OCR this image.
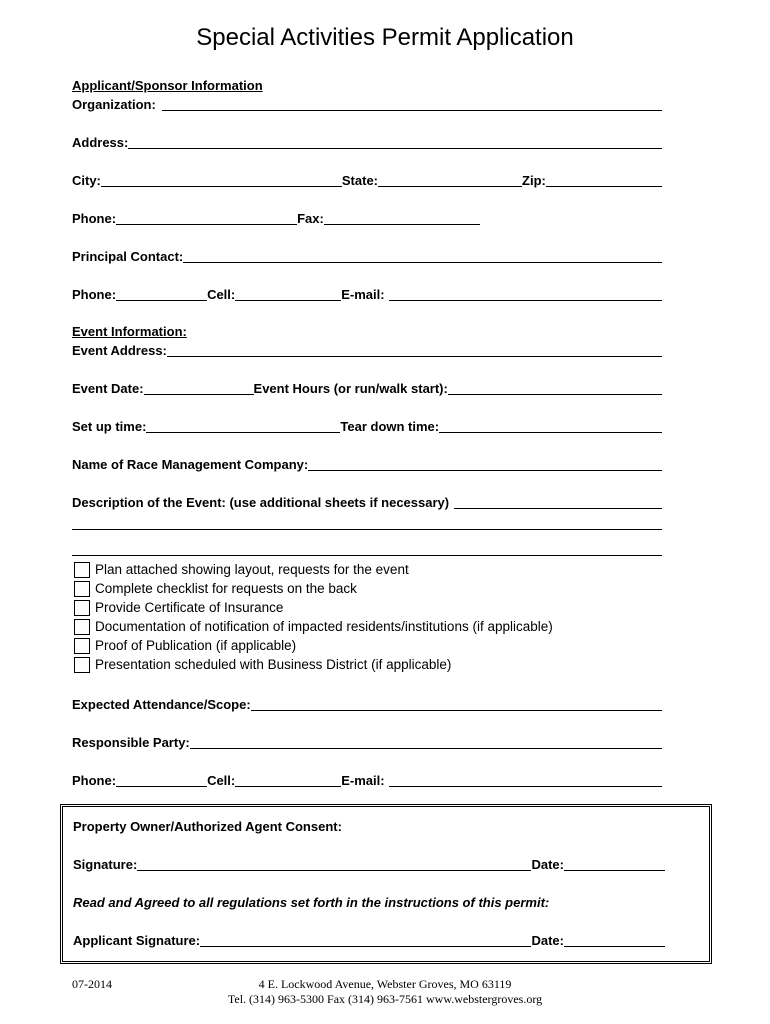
Special Activities Permit Application
Applicant/Sponsor Information
Organization:
Address:
City:	State:	Zip:
Phone:	Fax:
Principal Contact:
Phone:	Cell:	E-mail:
Event Information:
Event Address:
Event Date:	Event Hours (or run/walk start):
Set up time:	Tear down time:
Name of Race Management Company:
Description of the Event: (use additional sheets if necessary)
Plan attached showing layout, requests for the event
Complete checklist for requests on the back
Provide Certificate of Insurance
Documentation of notification of impacted residents/institutions (if applicable)
Proof of Publication (if applicable)
Presentation scheduled with Business District (if applicable)
Expected Attendance/Scope:
Responsible Party:
Phone:	Cell:	E-mail:
Property Owner/Authorized Agent Consent:
Signature:	Date:
Read and Agreed to all regulations set forth in the instructions of this permit:
Applicant Signature:	Date:
07-2014	4 E. Lockwood Avenue, Webster Groves, MO 63119
Tel. (314) 963-5300 Fax (314) 963-7561 www.webstergroves.org
